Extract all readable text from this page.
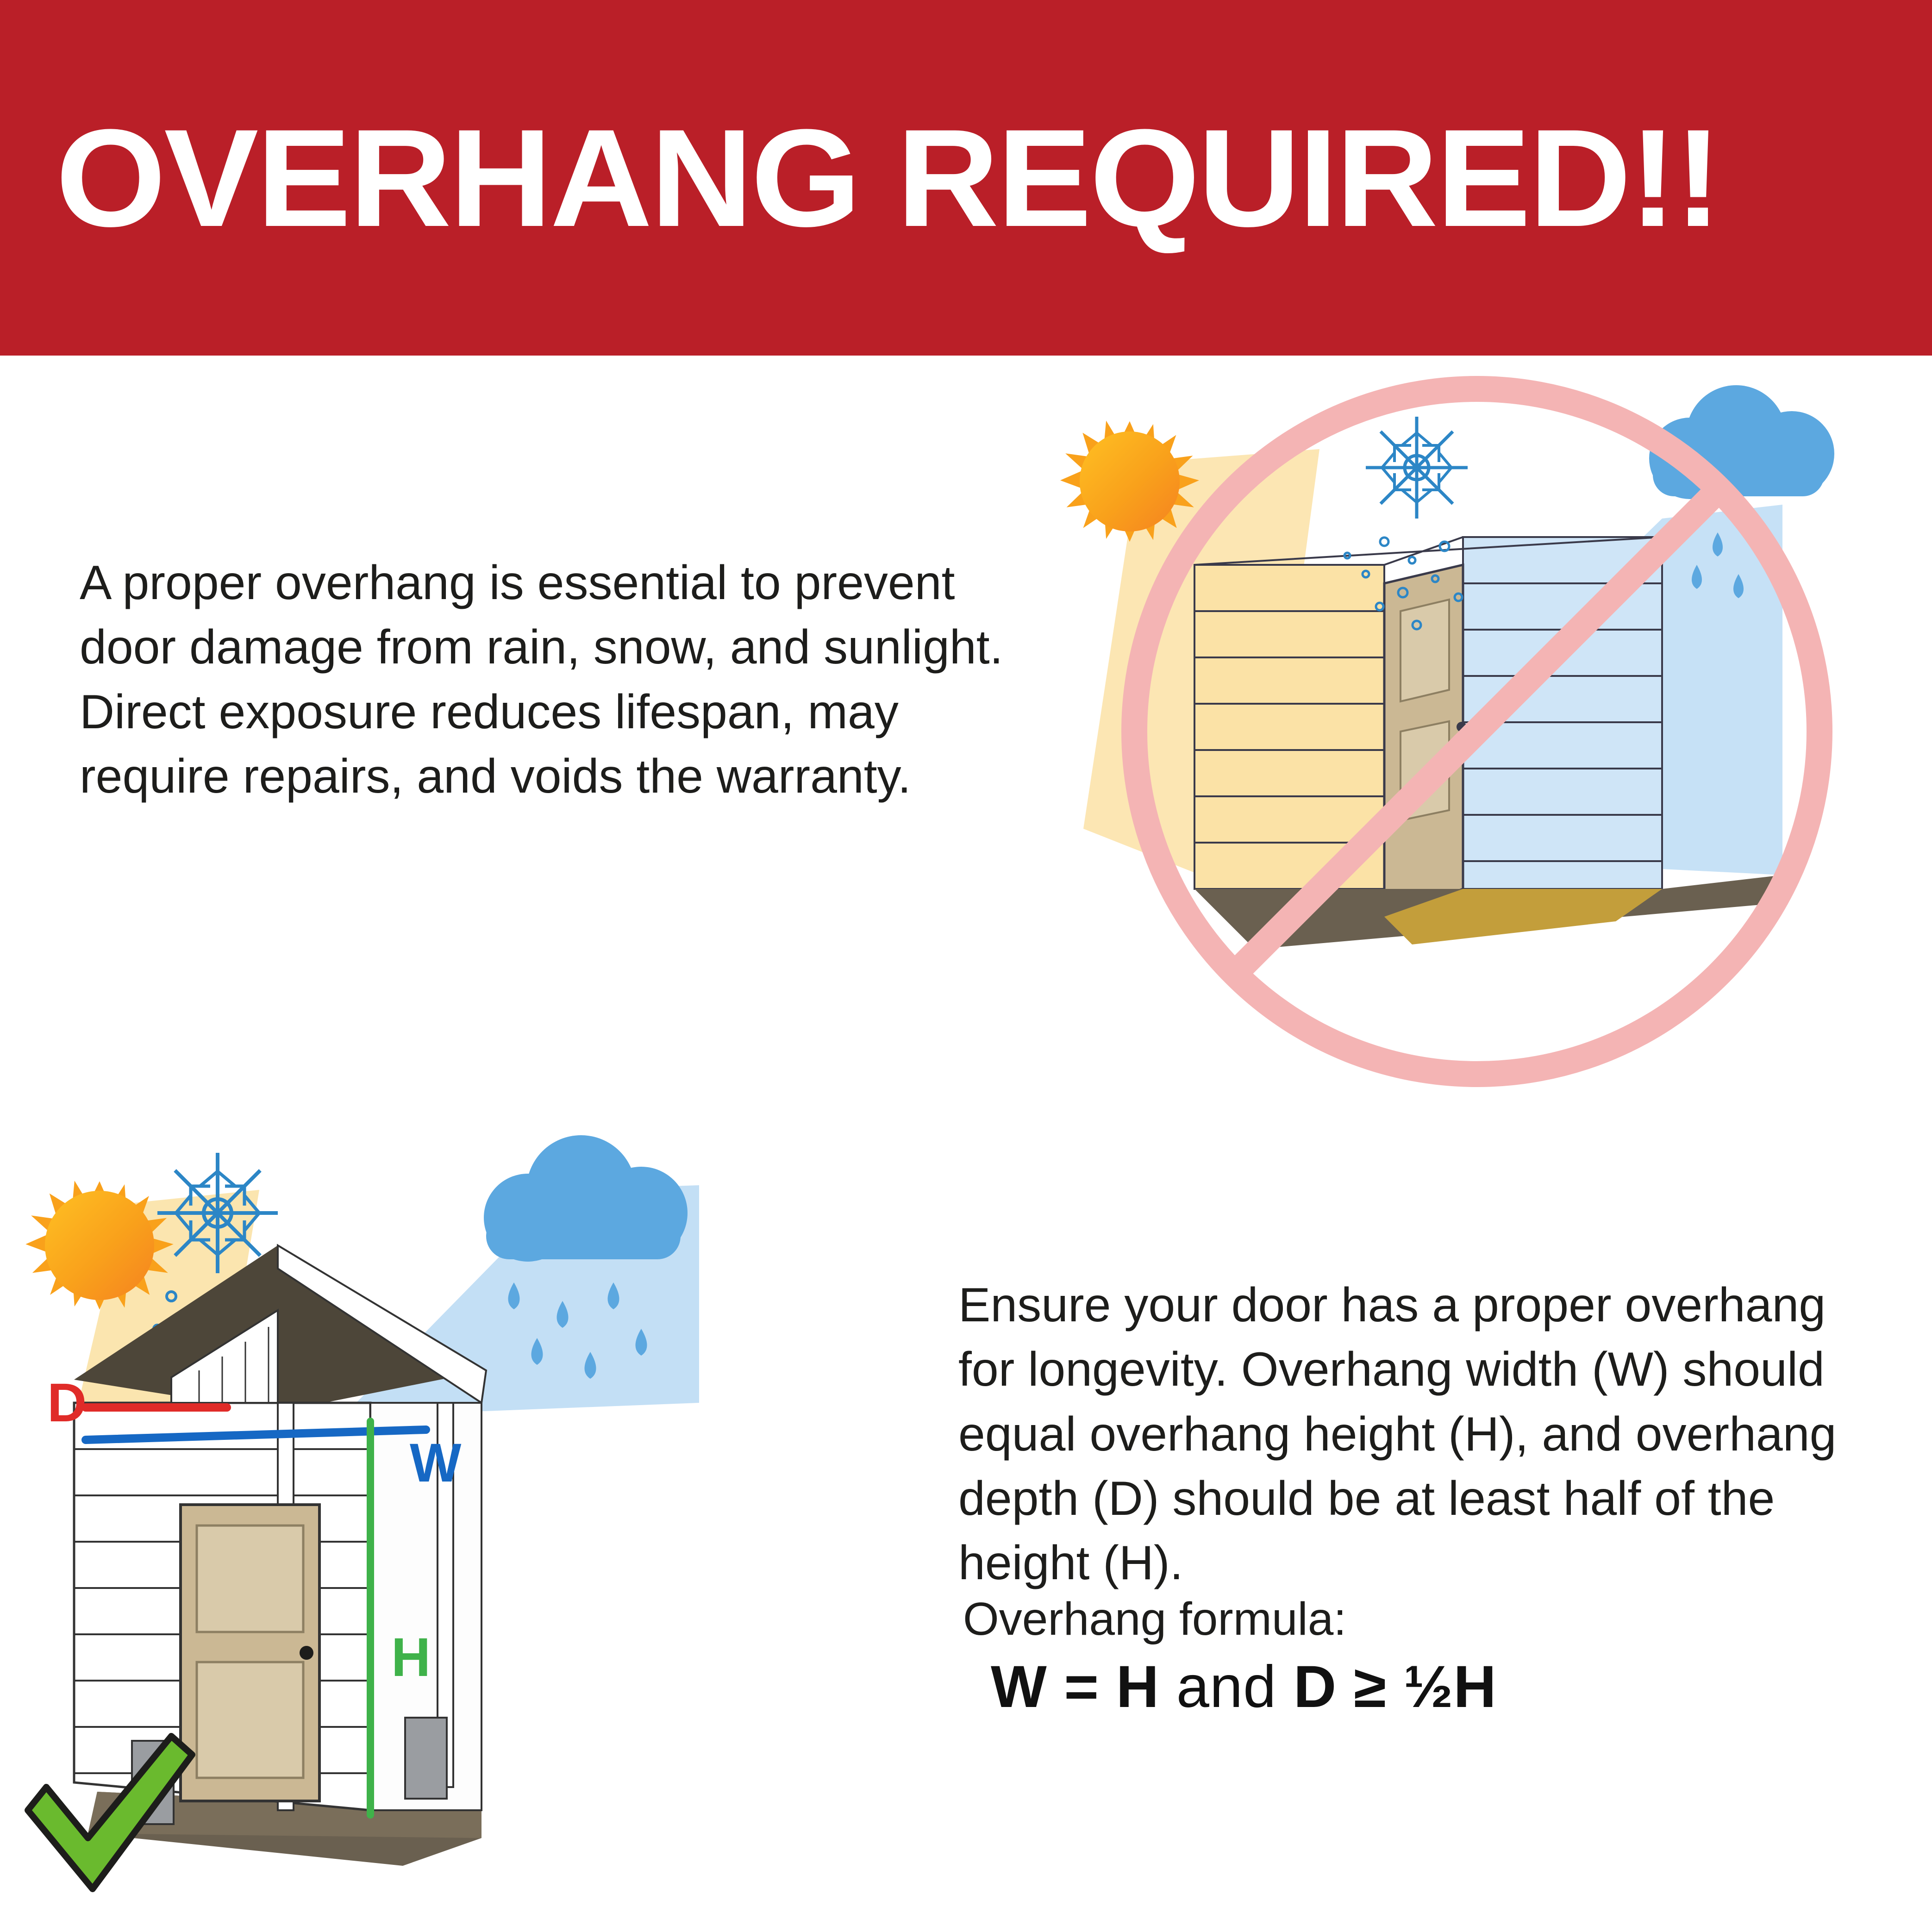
OVERHANG REQUIRED!!
A proper overhang is essential to prevent door damage from rain, snow, and sunlight. Direct exposure reduces lifespan, may require repairs, and voids the warranty.
Ensure your door has a proper overhang for longevity. Overhang width (W) should equal overhang height (H), and overhang depth (D) should be at least half of the height (H).
Overhang formula:
W = H and D ≥ ½H
D
W
H
